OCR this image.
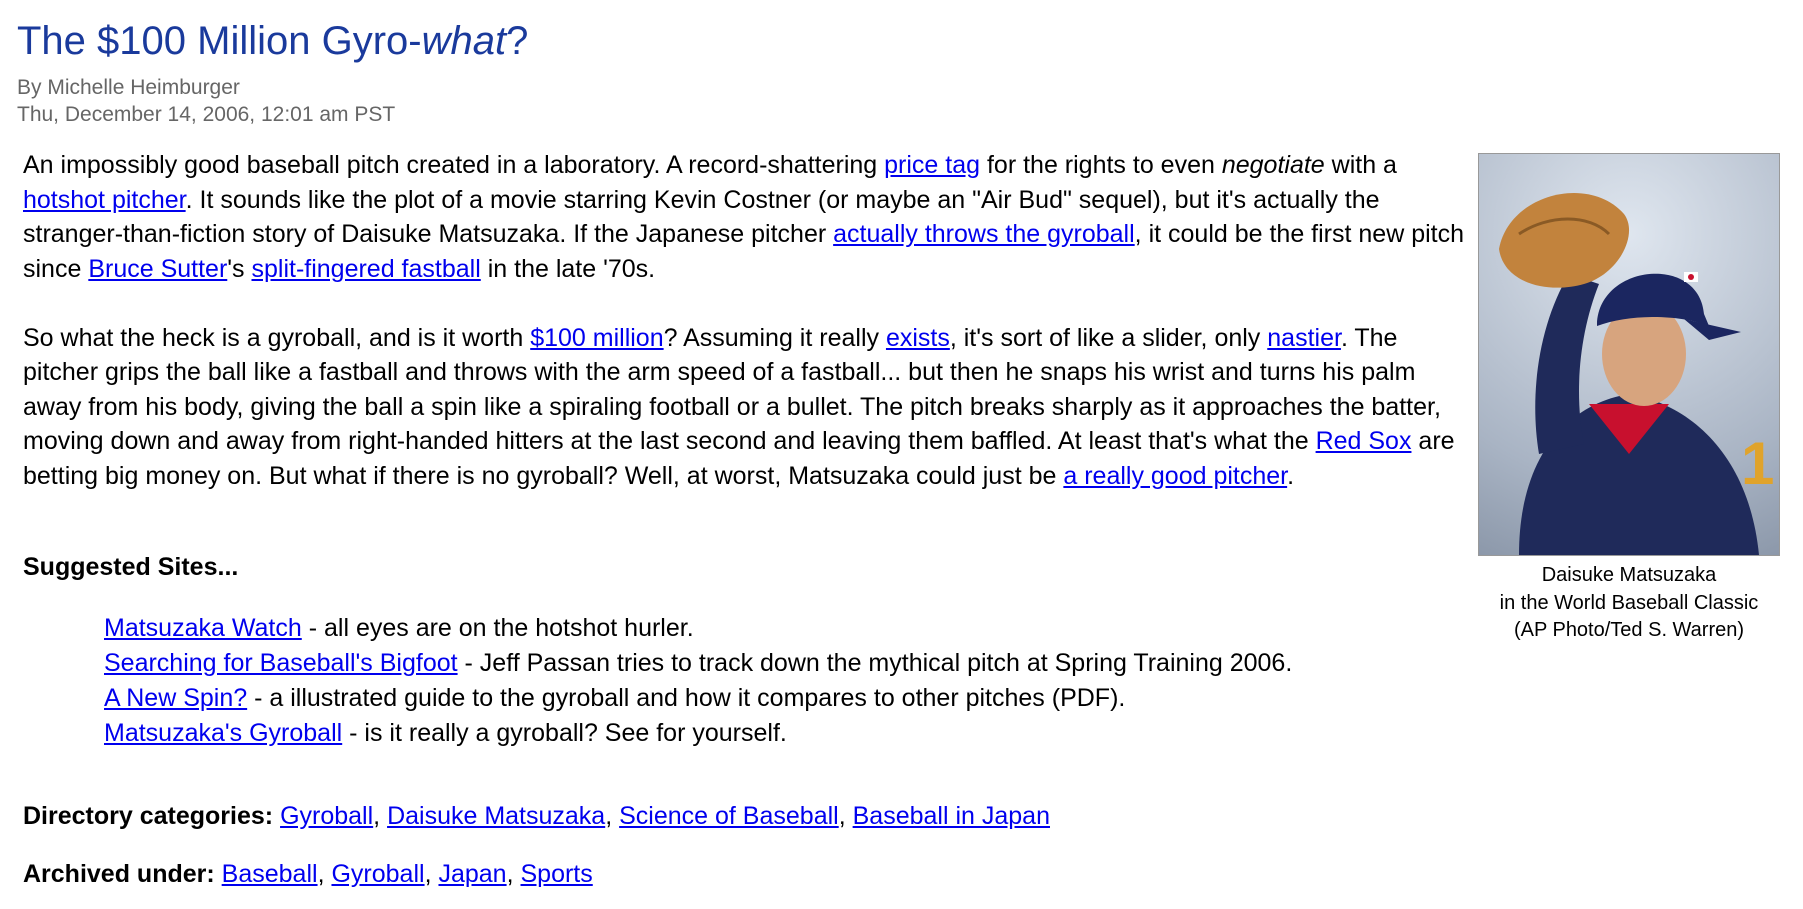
The $100 Million Gyro-what?
By Michelle Heimburger
Thu, December 14, 2006, 12:01 am PST

An impossibly good baseball pitch created in a laboratory. A record-shattering price tag for the rights to even negotiate with a hotshot pitcher. It sounds like the plot of a movie starring Kevin Costner (or maybe an "Air Bud" sequel), but it's actually the stranger-than-fiction story of Daisuke Matsuzaka. If the Japanese pitcher actually throws the gyroball, it could be the first new pitch since Bruce Sutter's split-fingered fastball in the late '70s.

So what the heck is a gyroball, and is it worth $100 million? Assuming it really exists, it's sort of like a slider, only nastier. The pitcher grips the ball like a fastball and throws with the arm speed of a fastball... but then he snaps his wrist and turns his palm away from his body, giving the ball a spin like a spiraling football or a bullet. The pitch breaks sharply as it approaches the batter, moving down and away from right-handed hitters at the last second and leaving them baffled. At least that's what the Red Sox are betting big money on. But what if there is no gyroball? Well, at worst, Matsuzaka could just be a really good pitcher.

Suggested Sites...
Matsuzaka Watch - all eyes are on the hotshot hurler.
Searching for Baseball's Bigfoot - Jeff Passan tries to track down the mythical pitch at Spring Training 2006.
A New Spin? - a illustrated guide to the gyroball and how it compares to other pitches (PDF).
Matsuzaka's Gyroball - is it really a gyroball? See for yourself.
Directory categories: Gyroball, Daisuke Matsuzaka, Science of Baseball, Baseball in Japan
Archived under: Baseball, Gyroball, Japan, Sports
1
Daisuke Matsuzaka
in the World Baseball Classic
(AP Photo/Ted S. Warren)
